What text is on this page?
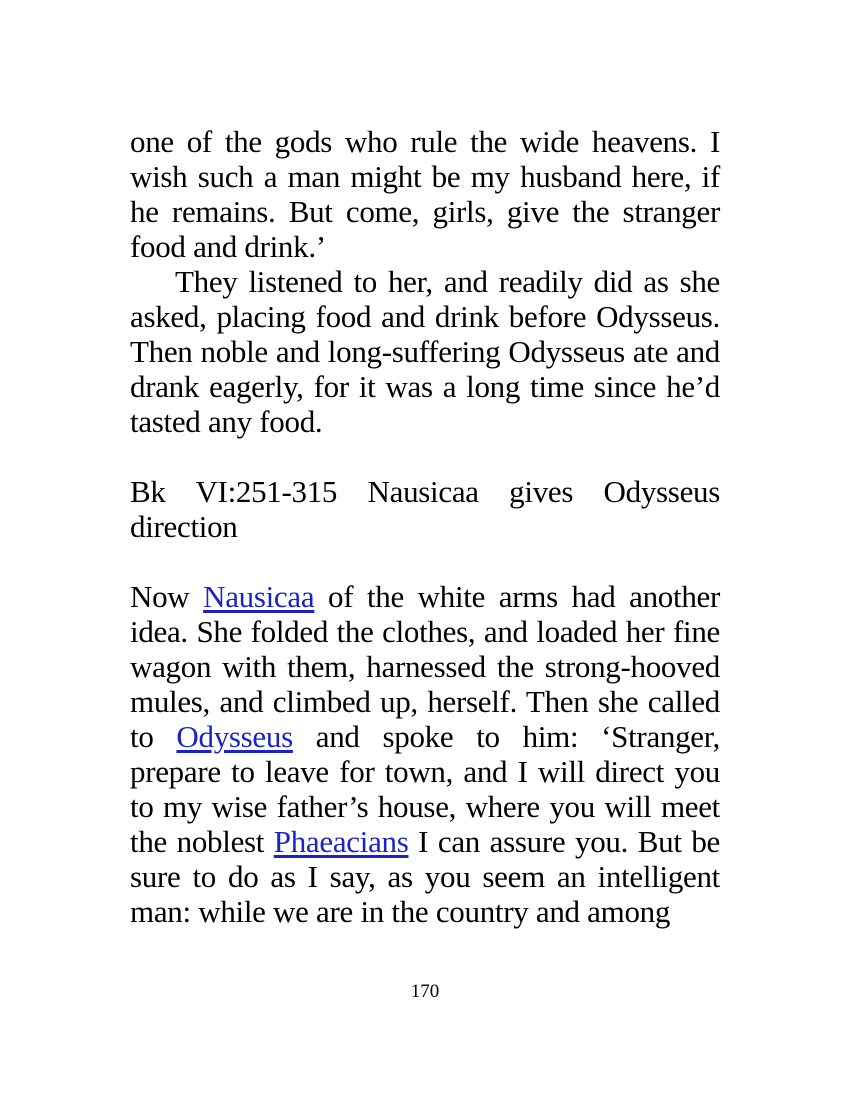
one of the gods who rule the wide heavens. I wish such a man might be my husband here, if he remains. But come, girls, give the stranger food and drink.’

They listened to her, and readily did as she asked, placing food and drink before Odysseus. Then noble and long-suffering Odysseus ate and drank eagerly, for it was a long time since he’d tasted any food.

Bk VI:251-315 Nausicaa gives Odysseus direction

Now Nausicaa of the white arms had another idea. She folded the clothes, and loaded her fine wagon with them, harnessed the strong-hooved mules, and climbed up, herself. Then she called to Odysseus and spoke to him: ‘Stranger, prepare to leave for town, and I will direct you to my wise father’s house, where you will meet the noblest Phaeacians I can assure you. But be sure to do as I say, as you seem an intelligent man: while we are in the country and among

170
